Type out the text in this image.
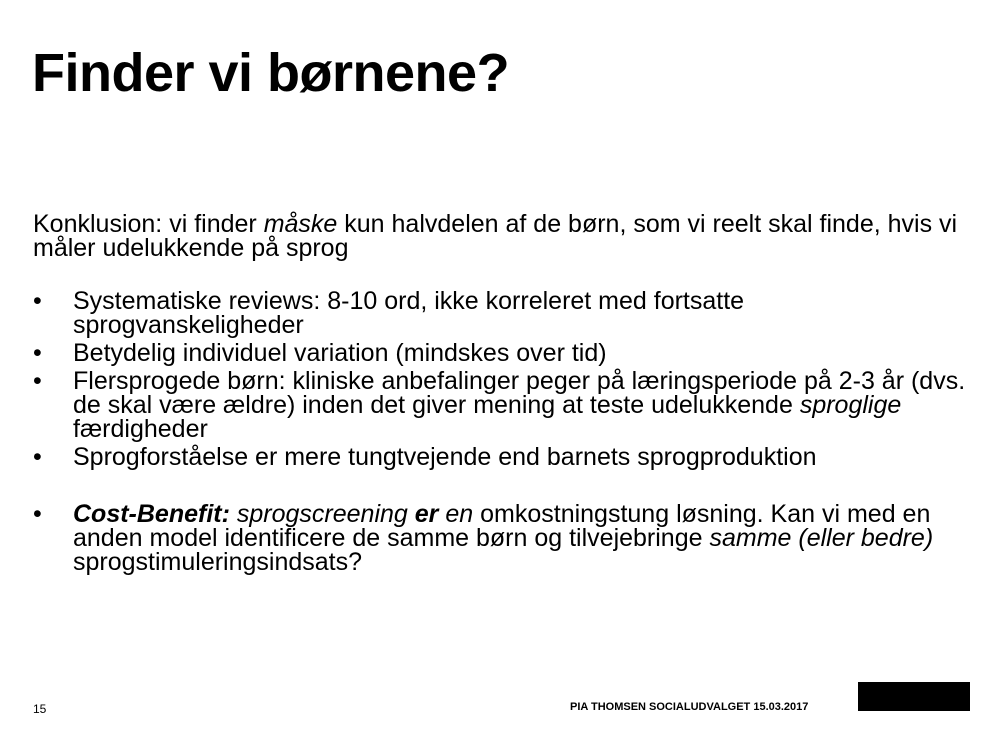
Finder vi børnene?

Konklusion: vi finder måske kun halvdelen af de børn, som vi reelt skal finde, hvis vi måler udelukkende på sprog

• Systematiske reviews: 8-10 ord, ikke korreleret med fortsatte sprogvanskeligheder
• Betydelig individuel variation (mindskes over tid)
• Flersprogede børn: kliniske anbefalinger peger på læringsperiode på 2-3 år (dvs. de skal være ældre) inden det giver mening at teste udelukkende sproglige færdigheder
• Sprogforståelse er mere tungtvejende end barnets sprogproduktion
• Cost-Benefit: sprogscreening er en omkostningstung løsning. Kan vi med en anden model identificere de samme børn og tilvejebringe samme (eller bedre) sprogstimuleringsindsats?
15	PIA THOMSEN SOCIALUDVALGET 15.03.2017
